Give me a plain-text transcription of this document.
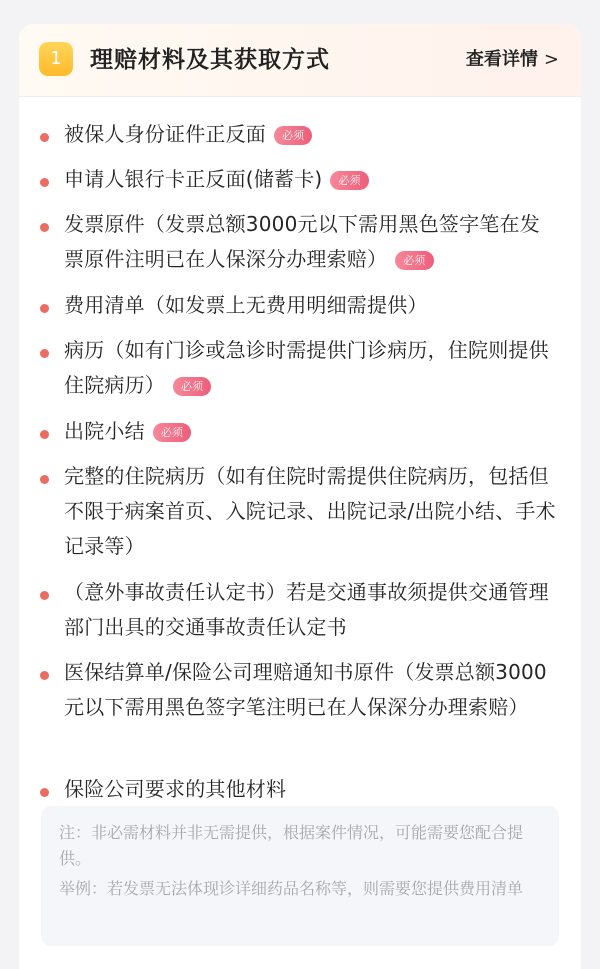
1	理赔材料及其获取方式	查看详情 >
被保人身份证件正反面 必须
申请人银行卡正反面(储蓄卡) 必须
发票原件（发票总额3000元以下需用黑色签字笔在发票原件注明已在人保深分办理索赔） 必须
费用清单（如发票上无费用明细需提供）
病历（如有门诊或急诊时需提供门诊病历，住院则提供住院病历） 必须
出院小结 必须
完整的住院病历（如有住院时需提供住院病历，包括但不限于病案首页、入院记录、出院记录/出院小结、手术记录等）
（意外事故责任认定书）若是交通事故须提供交通管理部门出具的交通事故责任认定书
医保结算单/保险公司理赔通知书原件（发票总额3000元以下需用黑色签字笔注明已在人保深分办理索赔）
保险公司要求的其他材料

注：非必需材料并非无需提供，根据案件情况，可能需要您配合提供。

举例：若发票无法体现诊详细药品名称等，则需要您提供费用清单
